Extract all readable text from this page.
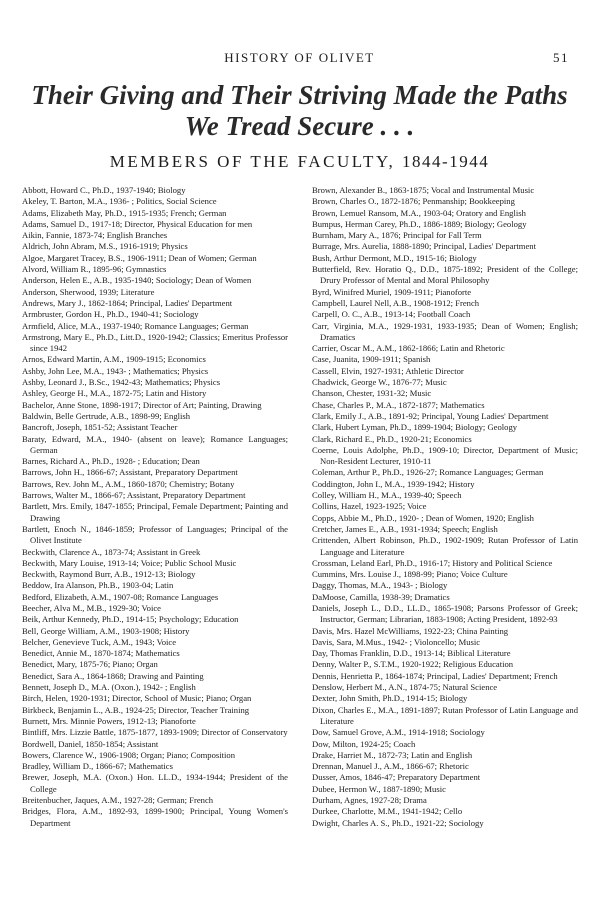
HISTORY OF OLIVET	51
Their Giving and Their Striving Made the Paths
We Tread Secure . . .
MEMBERS OF THE FACULTY, 1844-1944

Abbott, Howard C., Ph.D., 1937-1940; Biology

Akeley, T. Barton, M.A., 1936- ; Politics, Social Science

Adams, Elizabeth May, Ph.D., 1915-1935; French; German

Adams, Samuel D., 1917-18; Director, Physical Education for men

Aikin, Fannie, 1873-74; English Branches

Aldrich, John Abram, M.S., 1916-1919; Physics

Algoe, Margaret Tracey, B.S., 1906-1911; Dean of Women; German

Alvord, William R., 1895-96; Gymnastics

Anderson, Helen E., A.B., 1935-1940; Sociology; Dean of Women

Anderson, Sherwood, 1939; Literature

Andrews, Mary J., 1862-1864; Principal, Ladies' Department

Armbruster, Gordon H., Ph.D., 1940-41; Sociology

Armfield, Alice, M.A., 1937-1940; Romance Languages; German

Armstrong, Mary E., Ph.D., Litt.D., 1920-1942; Classics; Emeritus Professor since 1942

Arnos, Edward Martin, A.M., 1909-1915; Economics

Ashby, John Lee, M.A., 1943- ; Mathematics; Physics

Ashby, Leonard J., B.Sc., 1942-43; Mathematics; Physics

Ashley, George H., M.A., 1872-75; Latin and History

Bachelor, Anne Stone, 1898-1917; Director of Art; Painting, Drawing

Baldwin, Belle Gertrude, A.B., 1898-99; English

Bancroft, Joseph, 1851-52; Assistant Teacher

Baraty, Edward, M.A., 1940- (absent on leave); Romance Languages; German

Barnes, Richard A., Ph.D., 1928- ; Education; Dean

Barrows, John H., 1866-67; Assistant, Preparatory Department

Barrows, Rev. John M., A.M., 1860-1870; Chemistry; Botany

Barrows, Walter M., 1866-67; Assistant, Preparatory Department

Bartlett, Mrs. Emily, 1847-1855; Principal, Female Department; Painting and Drawing

Bartlett, Enoch N., 1846-1859; Professor of Languages; Principal of the Olivet Institute

Beckwith, Clarence A., 1873-74; Assistant in Greek

Beckwith, Mary Louise, 1913-14; Voice; Public School Music

Beckwith, Raymond Burr, A.B., 1912-13; Biology

Beddow, Ira Alanson, Ph.B., 1903-04; Latin

Bedford, Elizabeth, A.M., 1907-08; Romance Languages

Beecher, Alva M., M.B., 1929-30; Voice

Beik, Arthur Kennedy, Ph.D., 1914-15; Psychology; Education

Bell, George William, A.M., 1903-1908; History

Belcher, Genevieve Tuck, A.M., 1943; Voice

Benedict, Annie M., 1870-1874; Mathematics

Benedict, Mary, 1875-76; Piano; Organ

Benedict, Sara A., 1864-1868; Drawing and Painting

Bennett, Joseph D., M.A. (Oxon.), 1942- ; English

Birch, Helen, 1920-1931; Director, School of Music; Piano; Organ

Birkbeck, Benjamin L., A.B., 1924-25; Director, Teacher Training

Burnett, Mrs. Minnie Powers, 1912-13; Pianoforte

Bintliff, Mrs. Lizzie Battle, 1875-1877, 1893-1909; Director of Conservatory

Bordwell, Daniel, 1850-1854; Assistant

Bowers, Clarence W., 1906-1908; Organ; Piano; Composition

Bradley, William D., 1866-67; Mathematics

Brewer, Joseph, M.A. (Oxon.) Hon. LL.D., 1934-1944; President of the College

Breitenbucher, Jaques, A.M., 1927-28; German; French

Bridges, Flora, A.M., 1892-93, 1899-1900; Principal, Young Women's Department

Brown, Alexander B., 1863-1875; Vocal and Instrumental Music

Brown, Charles O., 1872-1876; Penmanship; Bookkeeping

Brown, Lemuel Ransom, M.A., 1903-04; Oratory and English

Bumpus, Herman Carey, Ph.D., 1886-1889; Biology; Geology

Burnham, Mary A., 1876; Principal for Fall Term

Burrage, Mrs. Aurelia, 1888-1890; Principal, Ladies' Department

Bush, Arthur Dermont, M.D., 1915-16; Biology

Butterfield, Rev. Horatio Q., D.D., 1875-1892; President of the College; Drury Professor of Mental and Moral Philosophy

Byrd, Winifred Muriel, 1909-1911; Pianoforte

Campbell, Laurel Nell, A.B., 1908-1912; French

Carpell, O. C., A.B., 1913-14; Football Coach

Carr, Virginia, M.A., 1929-1931, 1933-1935; Dean of Women; English; Dramatics

Carrier, Oscar M., A.M., 1862-1866; Latin and Rhetoric

Case, Juanita, 1909-1911; Spanish

Cassell, Elvin, 1927-1931; Athletic Director

Chadwick, George W., 1876-77; Music

Chanson, Chester, 1931-32; Music

Chase, Charles P., M.A., 1872-1877; Mathematics

Clark, Emily J., A.B., 1891-92; Principal, Young Ladies' Department

Clark, Hubert Lyman, Ph.D., 1899-1904; Biology; Geology

Clark, Richard E., Ph.D., 1920-21; Economics

Coerne, Louis Adolphe, Ph.D., 1909-10; Director, Department of Music; Non-Resident Lecturer, 1910-11

Coleman, Arthur P., Ph.D., 1926-27; Romance Languages; German

Coddington, John I., M.A., 1939-1942; History

Colley, William H., M.A., 1939-40; Speech

Collins, Hazel, 1923-1925; Voice

Copps, Abbie M., Ph.D., 1920- ; Dean of Women, 1920; English

Cretcher, James E., A.B., 1931-1934; Speech; English

Crittenden, Albert Robinson, Ph.D., 1902-1909; Rutan Professor of Latin Language and Literature

Crossman, Leland Earl, Ph.D., 1916-17; History and Political Science

Cummins, Mrs. Louise J., 1898-99; Piano; Voice Culture

Daggy, Thomas, M.A., 1943- ; Biology

DaMoose, Camilla, 1938-39; Dramatics

Daniels, Joseph L., D.D., LL.D., 1865-1908; Parsons Professor of Greek; Instructor, German; Librarian, 1883-1908; Acting President, 1892-93

Davis, Mrs. Hazel McWilliams, 1922-23; China Painting

Davis, Sara, M.Mus., 1942- ; Violoncello; Music

Day, Thomas Franklin, D.D., 1913-14; Biblical Literature

Denny, Walter P., S.T.M., 1920-1922; Religious Education

Dennis, Henrietta P., 1864-1874; Principal, Ladies' Department; French

Denslow, Herbert M., A.N., 1874-75; Natural Science

Dexter, John Smith, Ph.D., 1914-15; Biology

Dixon, Charles E., M.A., 1891-1897; Rutan Professor of Latin Language and Literature

Dow, Samuel Grove, A.M., 1914-1918; Sociology

Dow, Milton, 1924-25; Coach

Drake, Harriet M., 1872-73; Latin and English

Drennan, Manuel J., A.M., 1866-67; Rhetoric

Dusser, Amos, 1846-47; Preparatory Department

Dubee, Hermon W., 1887-1890; Music

Durham, Agnes, 1927-28; Drama

Durkee, Charlotte, M.M., 1941-1942; Cello

Dwight, Charles A. S., Ph.D., 1921-22; Sociology
